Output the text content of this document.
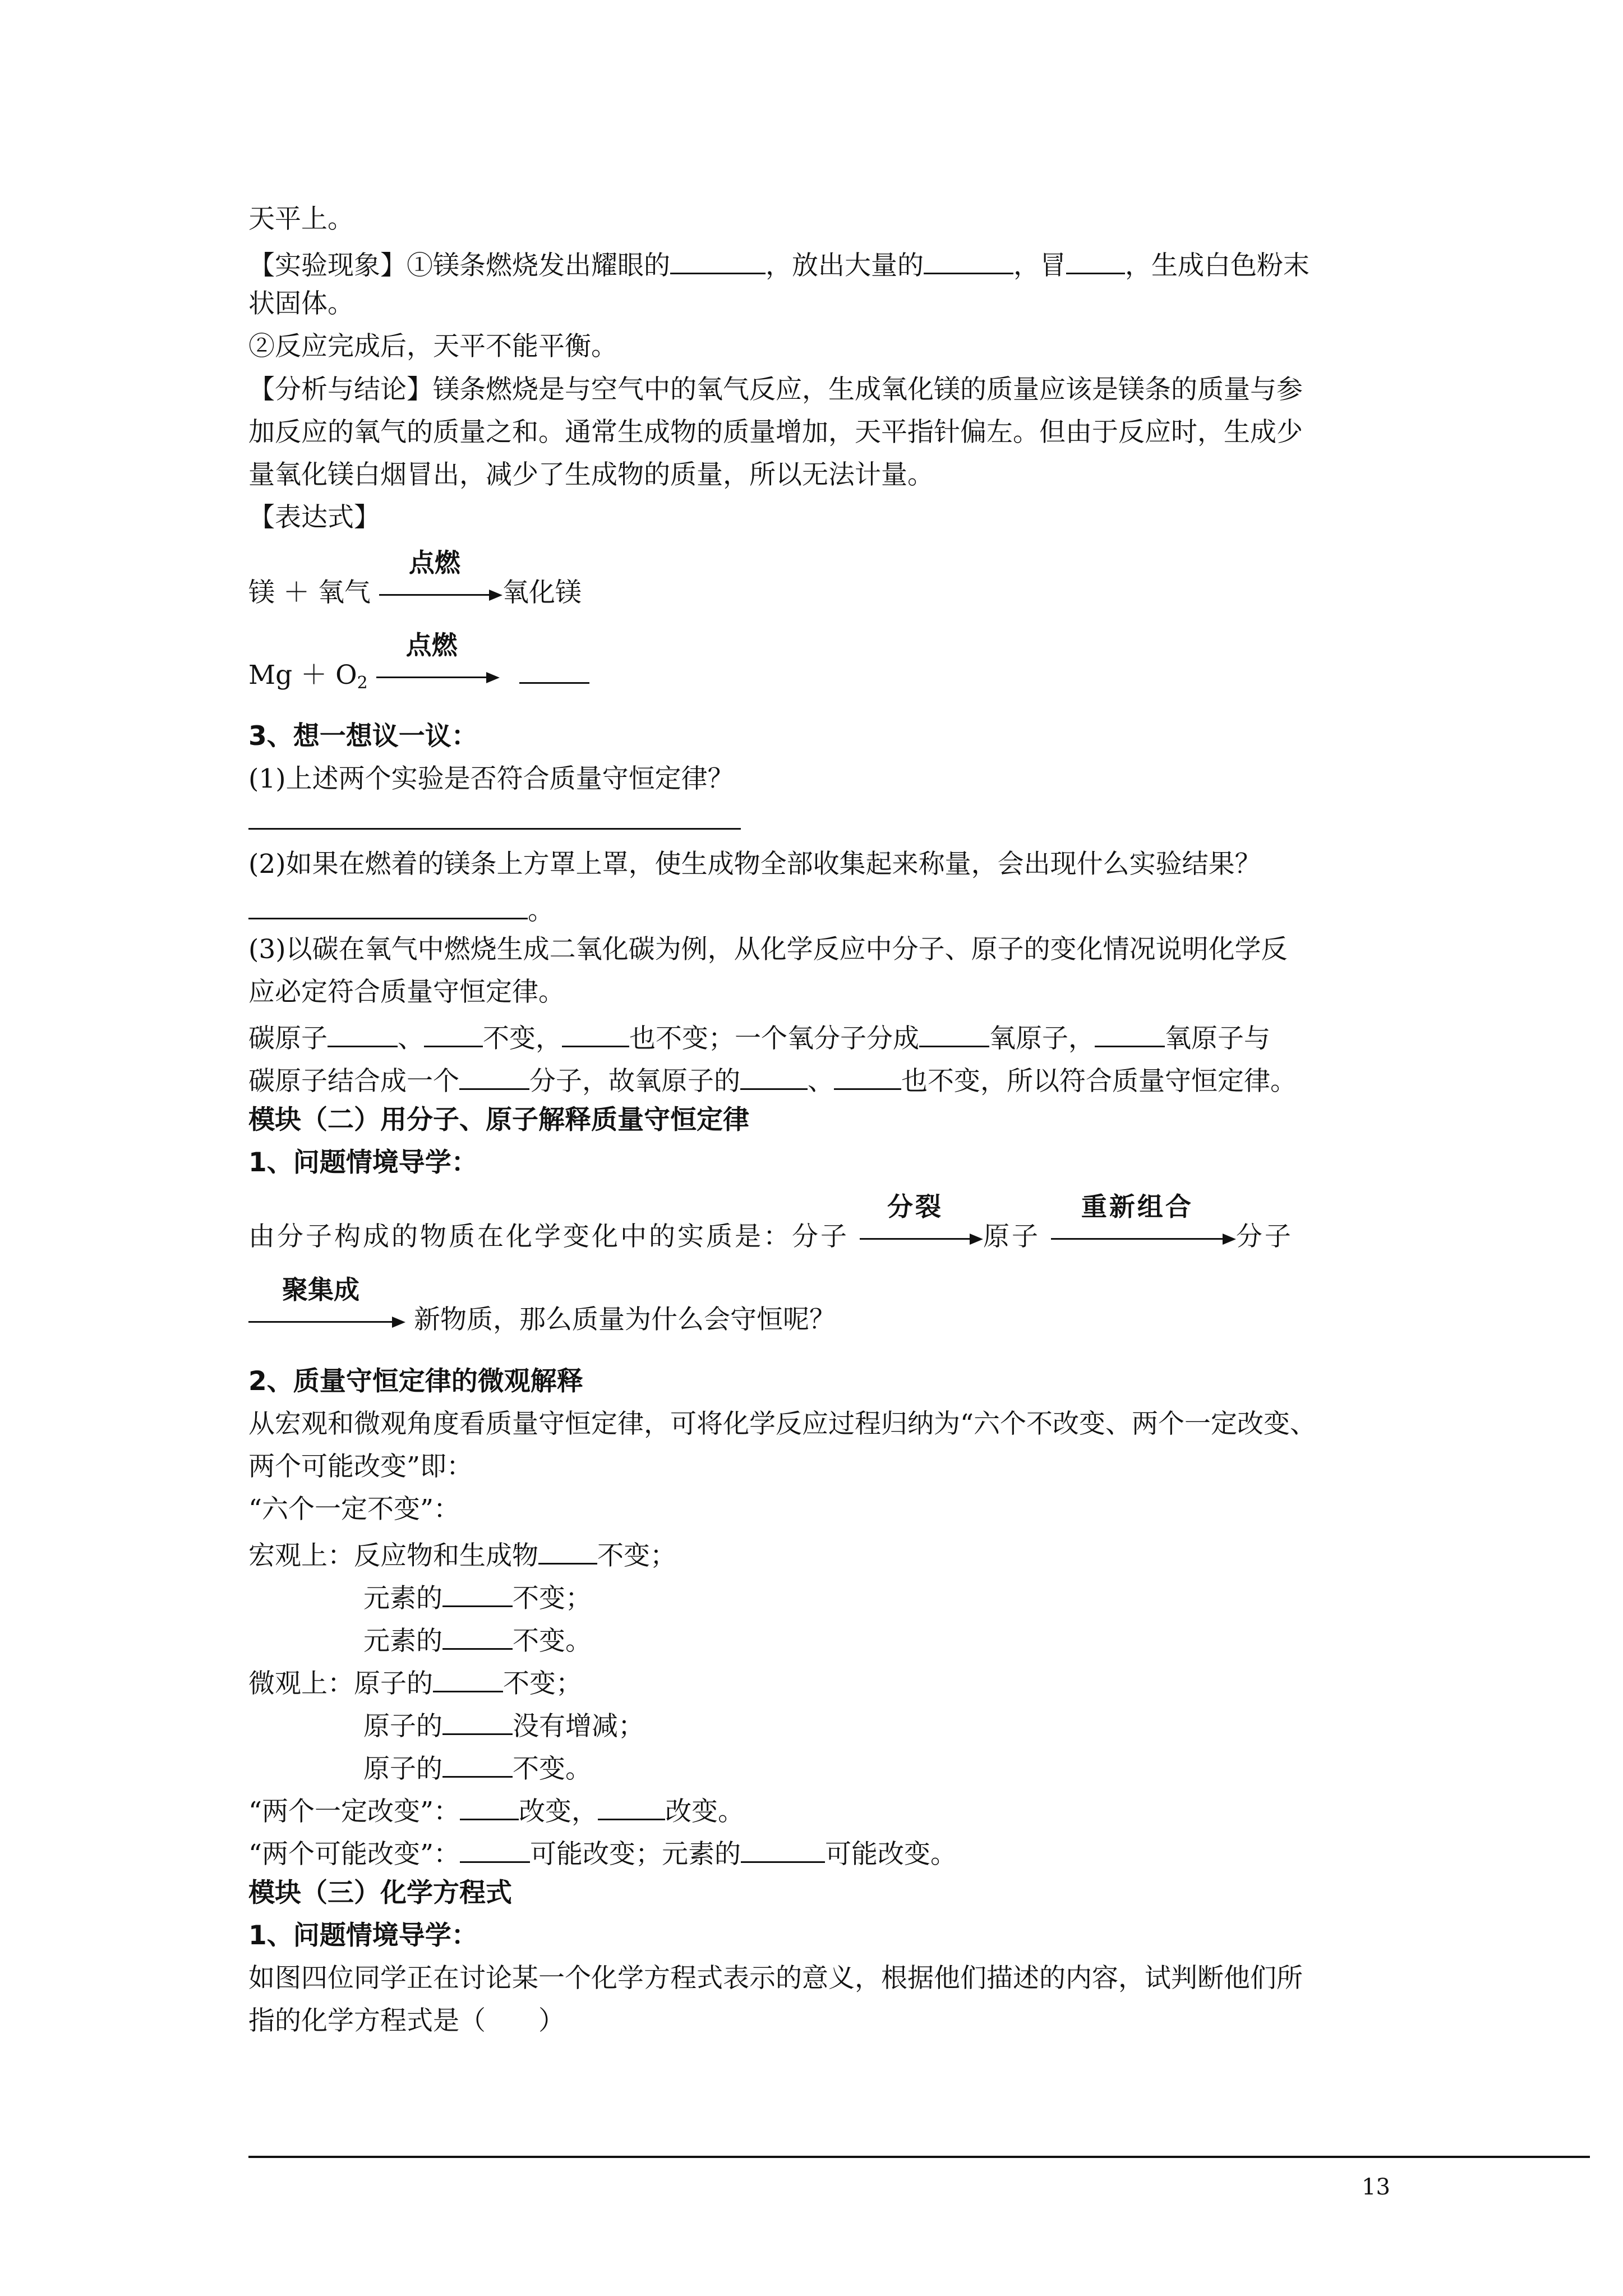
天平上。
【实验现象】①镁条燃烧发出耀眼的	，放出大量的	，冒 ，生成白色粉末
状固体。
②反应完成后，天平不能平衡。
【分析与结论】镁条燃烧是与空气中的氧气反应，生成氧化镁的质量应该是镁条的质量与参
加反应的氧气的质量之和。通常生成物的质量增加，天平指针偏左。但由于反应时，生成少
量氧化镁白烟冒出，减少了生成物的质量，所以无法计量。
【表达式】
镁 ＋ 氧气
点燃
氧化镁
$Mg + O_2$
点燃

3、想一想议一议：
(1)上述两个实验是否符合质量守恒定律？
(2)如果在燃着的镁条上方罩上罩，使生成物全部收集起来称量，会出现什么实验结果？
。
(3)以碳在氧气中燃烧生成二氧化碳为例，从化学反应中分子、原子的变化情况说明化学反
应必定符合质量守恒定律。
碳原子	、 不变，	也不变；一个氧分子分成	氧原子，	氧原子与
碳原子结合成一个	分子，故氧原子的	、	也不变，所以符合质量守恒定律。
模块（二）用分子、原子解释质量守恒定律
1、问题情境导学：
由分子构成的物质在化学变化中的实质是：分子
分裂
原子
重新组合
分子
聚集成
新物质，那么质量为什么会守恒呢？
2、质量守恒定律的微观解释
从宏观和微观角度看质量守恒定律，可将化学反应过程归纳为“六个不改变、两个一定改变、
两个可能改变”即：
“六个一定不变”：
宏观上：反应物和生成物 不变；
元素的	不变；
元素的	不变。
微观上：原子的	不变；
原子的	没有增减；
原子的	不变。
“两个一定改变”： 改变，	改变。
“两个可能改变”：	可能改变；元素的	可能改变。
模块（三）化学方程式
1、问题情境导学：
如图四位同学正在讨论某一个化学方程式表示的意义，根据他们描述的内容，试判断他们所
指的化学方程式是（　　）
13
